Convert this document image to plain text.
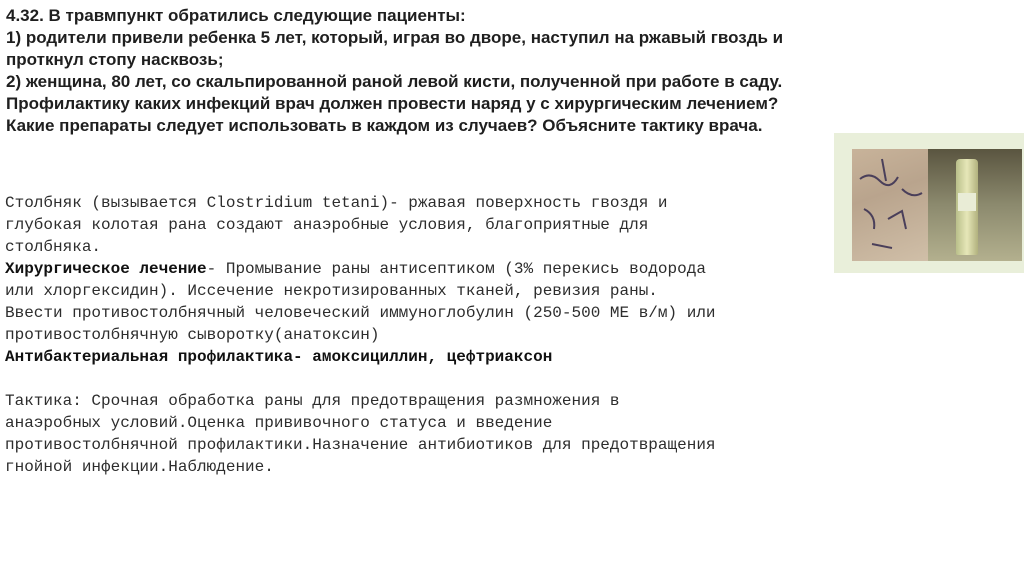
4.32. В травмпункт обратились следующие пациенты:
1) родители привели ребенка 5 лет, который, играя во дворе, наступил на ржавый гвоздь и
проткнул стопу насквозь;
2) женщина, 80 лет, со скальпированной раной левой кисти, полученной при работе в саду.
Профилактику каких инфекций врач должен провести наряд у с хирургическим лечением?
Какие препараты следует использовать в каждом из случаев? Объясните тактику врача.
Столбняк (вызывается Clostridium tetani)- ржавая поверхность гвоздя и
глубокая колотая рана создают анаэробные условия, благоприятные для
столбняка.
Хирургическое лечение- Промывание раны антисептиком (3% перекись водорода
или хлоргексидин). Иссечение некротизированных тканей, ревизия раны.
Ввести противостолбнячный человеческий иммуноглобулин (250-500 МЕ в/м) или
противостолбнячную сыворотку(анатоксин)
Антибактериальная профилактика- амоксициллин, цефтриаксон
Тактика: Срочная обработка раны для предотвращения размножения в
анаэробных условий.Оценка прививочного статуса и введение
противостолбнячной профилактики.Назначение антибиотиков для предотвращения
гнойной инфекции.Наблюдение.
